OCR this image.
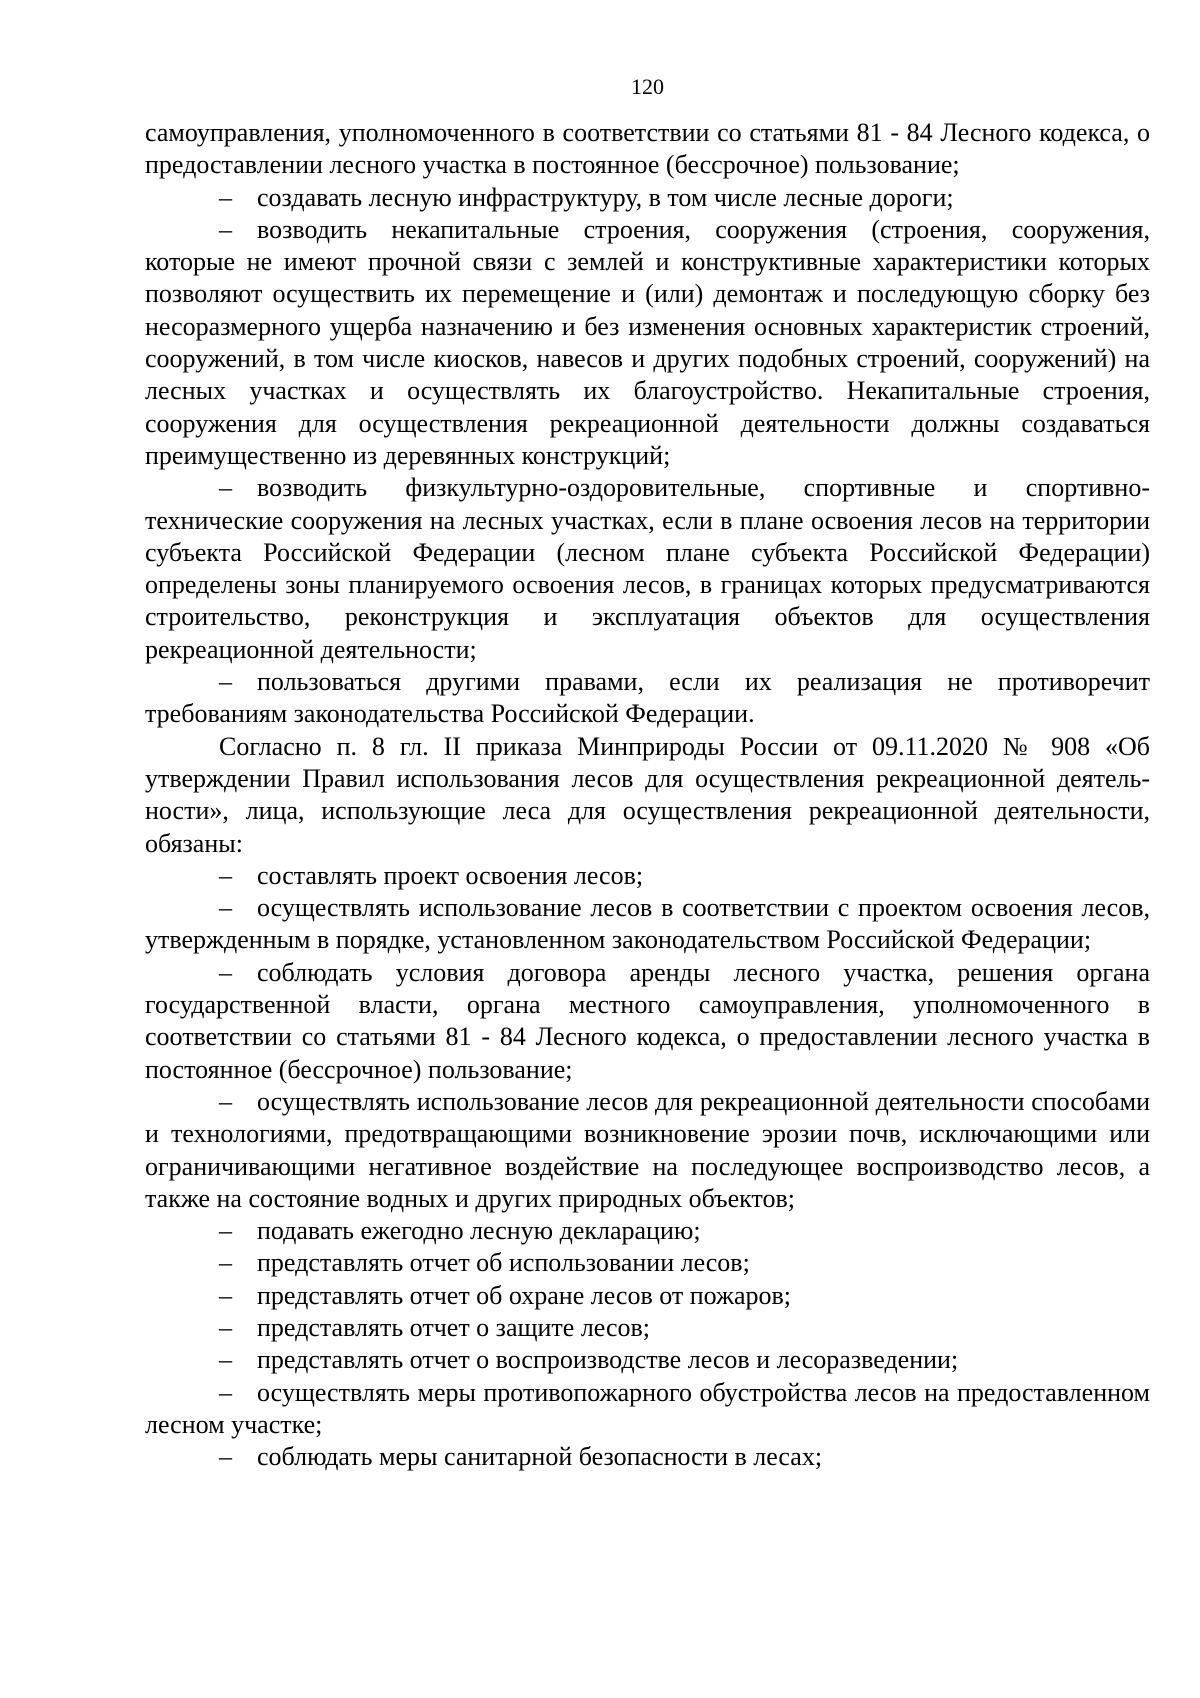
120

самоуправления, уполномоченного в соответствии со статьями 81 - 84 Лесного кодекса, о предоставлении лесного участка в постоянное (бессрочное) пользование;

– создавать лесную инфраструктуру, в том числе лесные дороги;

– возводить некапитальные строения, сооружения (строения, сооружения, которые не имеют прочной связи с землей и конструктивные характеристики которых позволяют осуществить их перемещение и (или) демонтаж и последующую сборку без несоразмерного ущерба назначению и без изменения основных характеристик строений, сооружений, в том числе киосков, навесов и других подобных строений, сооружений) на лесных участках и осуществлять их благоустройство. Некапитальные строения, сооружения для осуществления рекреационной деятельности должны создаваться преимущественно из деревянных конструкций;

– возводить физкультурно-оздоровительные, спортивные и спортивно-технические сооружения на лесных участках, если в плане освоения лесов на территории субъекта Российской Федерации (лесном плане субъекта Российской Федерации) определены зоны планируемого освоения лесов, в границах которых предусматриваются строительство, реконструкция и эксплуатация объектов для осуществления рекреационной деятельности;

– пользоваться другими правами, если их реализация не противоречит требованиям законодательства Российской Федерации.

Согласно п. 8 гл. II приказа Минприроды России от 09.11.2020 № 908 «Об утверждении Правил использования лесов для осуществления рекреационной деятель-ности», лица, использующие леса для осуществления рекреационной деятельности, обязаны:

– составлять проект освоения лесов;

– осуществлять использование лесов в соответствии с проектом освоения лесов, утвержденным в порядке, установленном законодательством Российской Федерации;

– соблюдать условия договора аренды лесного участка, решения органа государственной власти, органа местного самоуправления, уполномоченного в соответствии со статьями 81 - 84 Лесного кодекса, о предоставлении лесного участка в постоянное (бессрочное) пользование;

– осуществлять использование лесов для рекреационной деятельности способами и технологиями, предотвращающими возникновение эрозии почв, исключающими или ограничивающими негативное воздействие на последующее воспроизводство лесов, а также на состояние водных и других природных объектов;

– подавать ежегодно лесную декларацию;

– представлять отчет об использовании лесов;

– представлять отчет об охране лесов от пожаров;

– представлять отчет о защите лесов;

– представлять отчет о воспроизводстве лесов и лесоразведении;

– осуществлять меры противопожарного обустройства лесов на предоставленном лесном участке;

– соблюдать меры санитарной безопасности в лесах;
